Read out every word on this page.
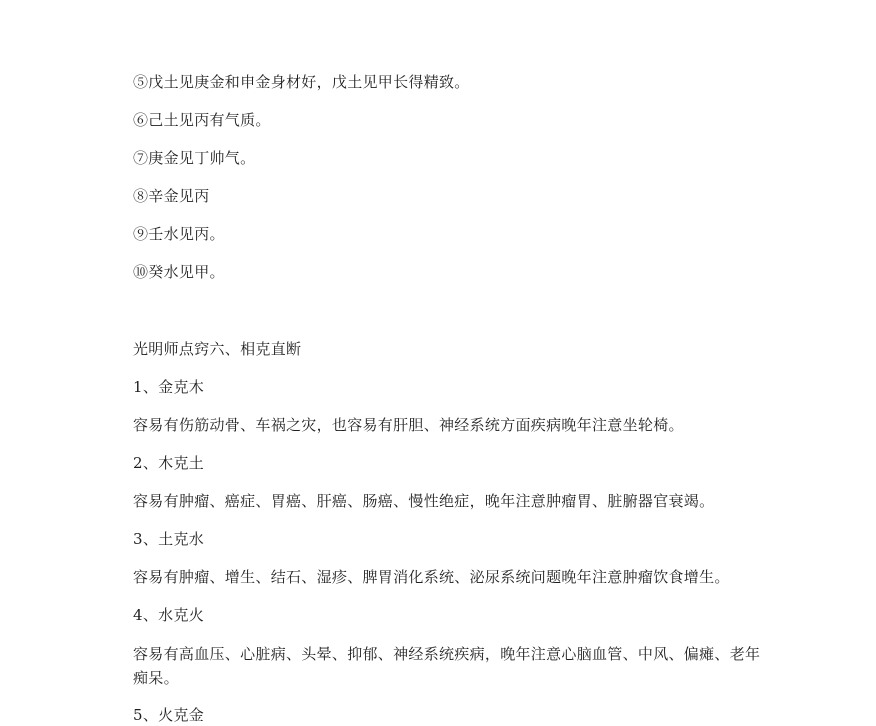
⑤戊土见庚金和申金身材好，戊土见甲长得精致。
⑥己土见丙有气质。
⑦庚金见丁帅气。
⑧辛金见丙
⑨壬水见丙。
⑩癸水见甲。
光明师点窍六、相克直断
1、金克木
容易有伤筋动骨、车祸之灾，也容易有肝胆、神经系统方面疾病晚年注意坐轮椅。
2、木克土
容易有肿瘤、癌症、胃癌、肝癌、肠癌、慢性绝症，晚年注意肿瘤胃、脏腑器官衰竭。
3、土克水
容易有肿瘤、增生、结石、湿疹、脾胃消化系统、泌尿系统问题晚年注意肿瘤饮食增生。
4、水克火
容易有高血压、心脏病、头晕、抑郁、神经系统疾病，晚年注意心脑血管、中风、偏瘫、老年痴呆。
5、火克金
